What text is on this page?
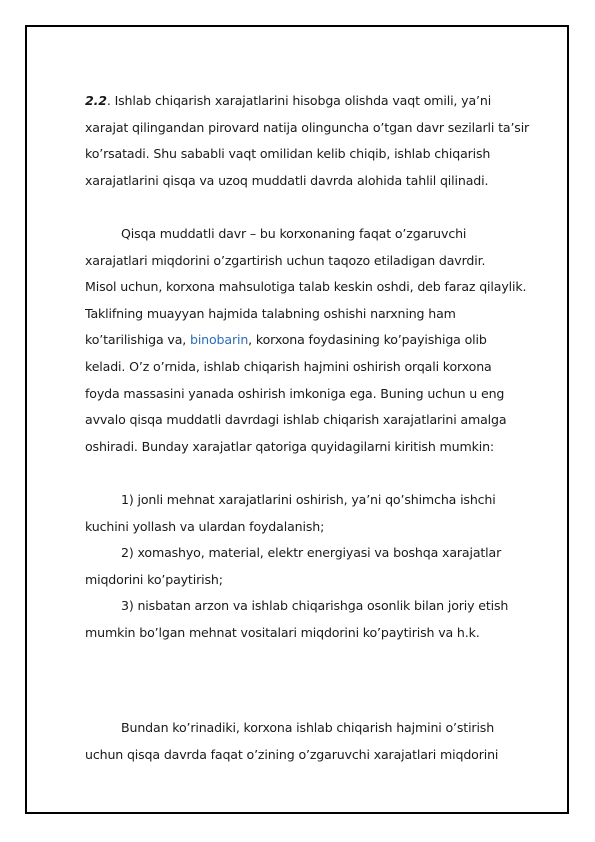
2.2. Ishlab chiqarish xarajatlarini hisobga olishda vaqt omili, ya’ni
xarajat qilingandan pirovard natija olinguncha o’tgan davr sezilarli ta’sir
ko’rsatadi. Shu sababli vaqt omilidan kelib chiqib, ishlab chiqarish
xarajatlarini qisqa va uzoq muddatli davrda alohida tahlil qilinadi.
Qisqa muddatli davr – bu korxonaning faqat o’zgaruvchi
xarajatlari miqdorini o’zgartirish uchun taqozo etiladigan davrdir.
Misol uchun, korxona mahsulotiga talab keskin oshdi, deb faraz qilaylik.
Taklifning muayyan hajmida talabning oshishi narxning ham
ko’tarilishiga va, binobarin, korxona foydasining ko’payishiga olib
keladi. O’z o’rnida, ishlab chiqarish hajmini oshirish orqali korxona
foyda massasini yanada oshirish imkoniga ega. Buning uchun u eng
avvalo qisqa muddatli davrdagi ishlab chiqarish xarajatlarini amalga
oshiradi. Bunday xarajatlar qatoriga quyidagilarni kiritish mumkin:
1) jonli mehnat xarajatlarini oshirish, ya’ni qo’shimcha ishchi
kuchini yollash va ulardan foydalanish;
2) xomashyo, material, elektr energiyasi va boshqa xarajatlar
miqdorini ko’paytirish;
3) nisbatan arzon va ishlab chiqarishga osonlik bilan joriy etish
mumkin bo’lgan mehnat vositalari miqdorini ko’paytirish va h.k.
Bundan ko’rinadiki, korxona ishlab chiqarish hajmini o’stirish
uchun qisqa davrda faqat o’zining o’zgaruvchi xarajatlari miqdorini
